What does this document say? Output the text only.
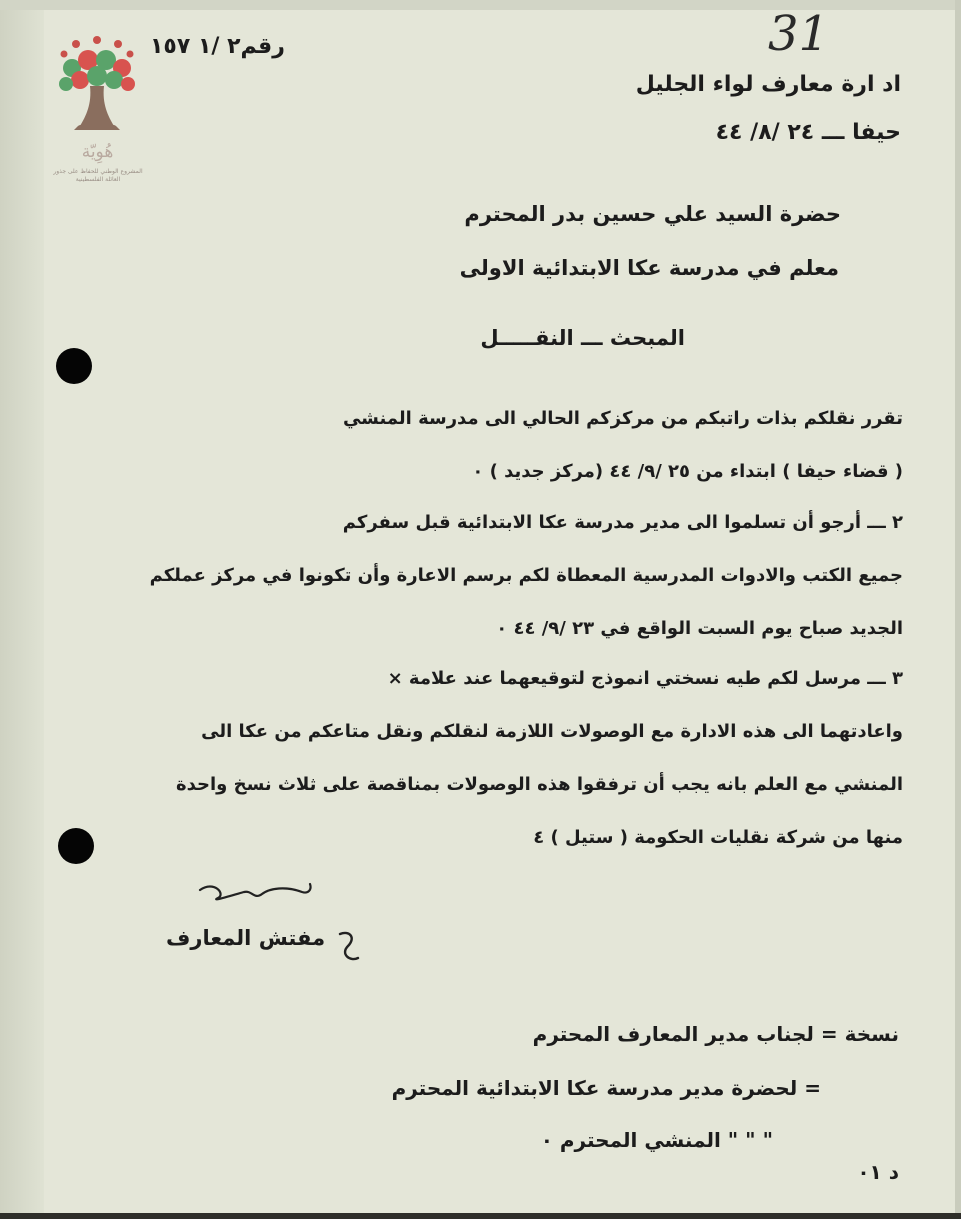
هُوِيّة
المشروع الوطني للحفاظ على جذور العائلة الفلسطينية
31
رقم٢ /١ ١٥٧
اد ارة معارف لواء الجليل
حيفا ـــ ٢٤ /٨/ ٤٤
حضرة السيد علي حسين بدر المحترم
معلم في مدرسة عكا الابتدائية الاولى
المبحث ـــ النقـــــل
تقرر نقلكم بذات راتبكم من مركزكم الحالي الى مدرسة المنشي
( قضاء حيفا ) ابتداء من ٢٥ /٩/ ٤٤ (مركز جديد ) ٠
٢ ـــ أرجو أن تسلموا الى مدير مدرسة عكا الابتدائية قبل سفركم
جميع الكتب والادوات المدرسية المعطاة لكم برسم الاعارة وأن تكونوا في مركز عملكم
الجديد صباح يوم السبت الواقع في ٢٣ /٩/ ٤٤ ٠
٣ ـــ مرسل لكم طيه نسختي انموذج لتوقيعهما عند علامة ×
واعادتهما الى هذه الادارة مع الوصولات اللازمة لنقلكم ونقل متاعكم من عكا الى
المنشي مع العلم بانه يجب أن ترفقوا هذه الوصولات بمناقصة على ثلاث نسخ واحدة
منها من شركة نقليات الحكومة ( ستيل ) ٤
مفتش المعارف
نسخة = لجناب مدير المعارف المحترم
= لحضرة مدير مدرسة عكا الابتدائية المحترم
" " " المنشي المحترم ٠
د ٠١
